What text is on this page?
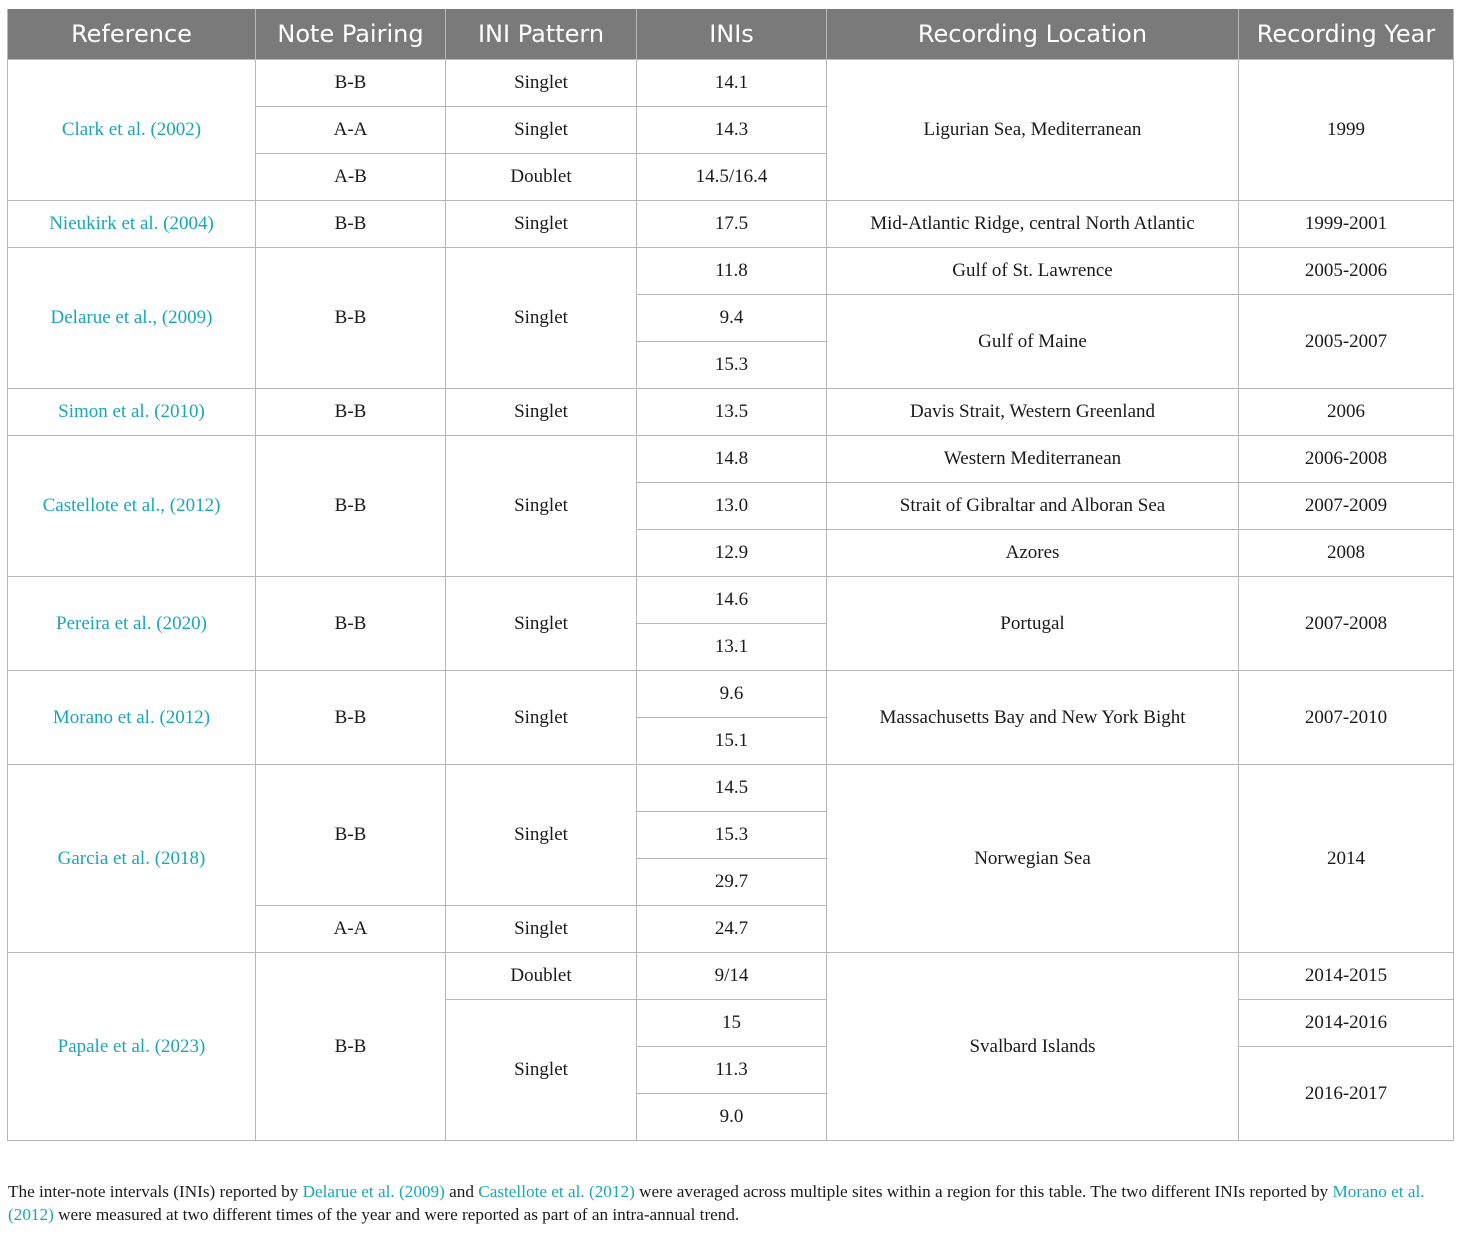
Reference	Note Pairing	INI Pattern	INIs	Recording Location	Recording Year
Clark et al. (2002)	B-B	Singlet	14.1	Ligurian Sea, Mediterranean	1999
	A-A	Singlet	14.3		
	A-B	Doublet	14.5/16.4		
Nieukirk et al. (2004)	B-B	Singlet	17.5	Mid-Atlantic Ridge, central North Atlantic	1999-2001
Delarue et al., (2009)	B-B	Singlet	11.8	Gulf of St. Lawrence	2005-2006
			9.4	Gulf of Maine	2005-2007
			15.3		
Simon et al. (2010)	B-B	Singlet	13.5	Davis Strait, Western Greenland	2006
Castellote et al., (2012)	B-B	Singlet	14.8	Western Mediterranean	2006-2008
			13.0	Strait of Gibraltar and Alboran Sea	2007-2009
			12.9	Azores	2008
Pereira et al. (2020)	B-B	Singlet	14.6	Portugal	2007-2008
			13.1		
Morano et al. (2012)	B-B	Singlet	9.6	Massachusetts Bay and New York Bight	2007-2010
			15.1		
Garcia et al. (2018)	B-B	Singlet	14.5	Norwegian Sea	2014
			15.3		
			29.7		
	A-A	Singlet	24.7		
Papale et al. (2023)	B-B	Doublet	9/14	Svalbard Islands	2014-2015
		Singlet	15		2014-2016
			11.3		2016-2017
			9.0		

The inter-note intervals (INIs) reported by Delarue et al. (2009) and Castellote et al. (2012) were averaged across multiple sites within a region for this table. The two different INIs reported by Morano et al. (2012) were measured at two different times of the year and were reported as part of an intra-annual trend.
